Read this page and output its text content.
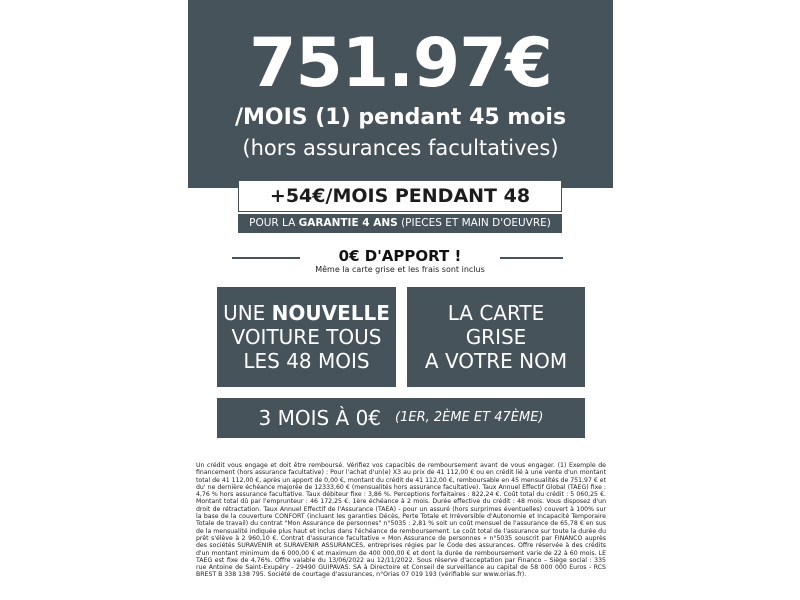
751.97€
/MOIS (1) pendant 45 mois
(hors assurances facultatives)
+54€/MOIS PENDANT 48
POUR LA GARANTIE 4 ANS (PIECES ET MAIN D'OEUVRE)
0€ D'APPORT !
Même la carte grise et les frais sont inclus
UNE NOUVELLE
VOITURE TOUS
LES 48 MOIS
LA CARTE
GRISE
A VOTRE NOM
3 MOIS À 0€ (1ER, 2ÈME ET 47ÈME)
Un crédit vous engage et doit être remboursé. Vérifiez vos capacités de remboursement avant de vous engager. (1) Exemple de financement (hors assurance facultative) : Pour l'achat d'un(e) X3 au prix de 41 112,00 € ou en crédit lié à une vente d'un montant total de 41 112,00 €, après un apport de 0,00 €, montant du crédit de 41 112,00 €, remboursable en 45 mensualités de 751,97 € et du' ne dernière échéance majorée de 12333,60 € (mensualités hors assurance facultative). Taux Annuel Effectif Global (TAEG) fixe : 4,76 % hors assurance facultative. Taux débiteur fixe : 3,86 %. Perceptions forfaitaires : 822,24 €. Coût total du crédit : 5 060,25 €. Montant total dû par l'emprunteur : 46 172,25 €. 1ère échéance à 2 mois. Durée effective du crédit : 48 mois. Vous disposez d'un droit de rétractation. Taux Annuel Effectif de l'Assurance (TAEA) - pour un assuré (hors surprimes éventuelles) couvert à 100% sur la base de la couverture CONFORT (incluant les garanties Décès, Perte Totale et Irréversible d'Autonomie et Incapacité Temporaire Totale de travail) du contrat "Mon Assurance de personnes" n°5035 : 2,81 % soit un coût mensuel de l'assurance de 65,78 € en sus de la mensualité indiquée plus haut et inclus dans l'échéance de remboursement. Le coût total de l'assurance sur toute la durée du prêt s'élève à 2 960,10 €. Contrat d'assurance facultative « Mon Assurance de personnes » n°5035 souscrit par FINANCO auprès des sociétés SURAVENIR et SURAVENIR ASSURANCES, entreprises régies par le Code des assurances. Offre réservée à des crédits d'un montant minimum de 6 000,00 € et maximum de 400 000,00 € et dont la durée de remboursement varie de 22 à 60 mois. LE TAEG est fixe de 4,76%. Offre valable du 13/06/2022 au 12/11/2022. Sous réserve d'acceptation par Financo – Siège social : 335 rue Antoine de Saint-Exupéry - 29490 GUIPAVAS. SA à Directoire et Conseil de surveillance au capital de 58 000 000 Euros - RCS BREST B 338 138 795. Société de courtage d'assurances, n°Orias 07 019 193 (vérifiable sur www.orias.fr).
